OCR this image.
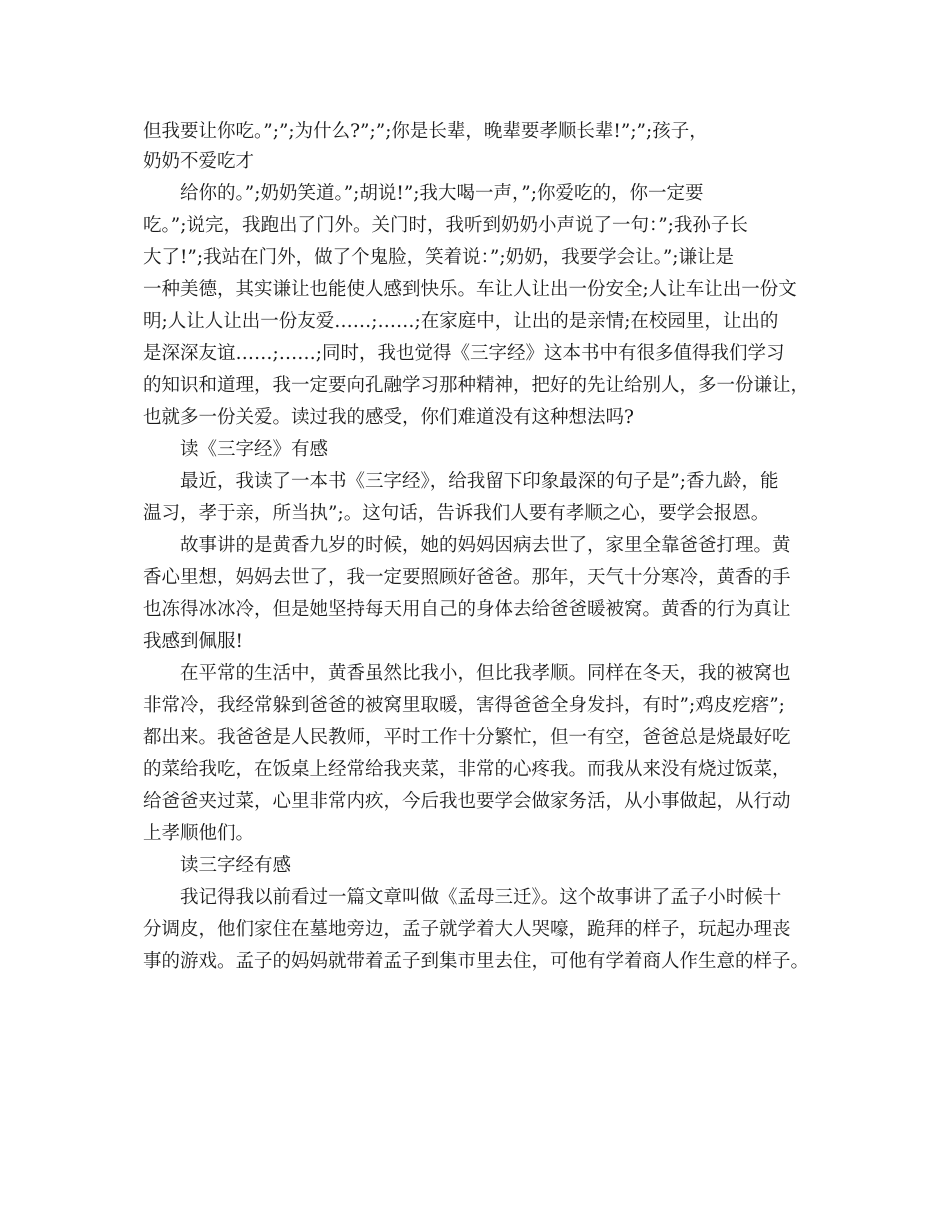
但我要让你吃。”;”;为什么?”;”;你是长辈，晚辈要孝顺长辈!”;”;孩子，
奶奶不爱吃才
给你的。”;奶奶笑道。”;胡说!”;我大喝一声，”;你爱吃的，你一定要
吃。”;说完，我跑出了门外。关门时，我听到奶奶小声说了一句：”;我孙子长
大了!”;我站在门外，做了个鬼脸，笑着说：”;奶奶，我要学会让。”;谦让是
一种美德，其实谦让也能使人感到快乐。车让人让出一份安全;人让车让出一份文
明;人让人让出一份友爱……;……;在家庭中，让出的是亲情;在校园里，让出的
是深深友谊……;……;同时，我也觉得《三字经》这本书中有很多值得我们学习
的知识和道理，我一定要向孔融学习那种精神，把好的先让给别人，多一份谦让，
也就多一份关爱。读过我的感受，你们难道没有这种想法吗?
读《三字经》有感
最近，我读了一本书《三字经》，给我留下印象最深的句子是”;香九龄，能
温习，孝于亲，所当执”;。这句话，告诉我们人要有孝顺之心，要学会报恩。
故事讲的是黄香九岁的时候，她的妈妈因病去世了，家里全靠爸爸打理。黄
香心里想，妈妈去世了，我一定要照顾好爸爸。那年，天气十分寒冷，黄香的手
也冻得冰冰冷，但是她坚持每天用自己的身体去给爸爸暖被窝。黄香的行为真让
我感到佩服!
在平常的生活中，黄香虽然比我小，但比我孝顺。同样在冬天，我的被窝也
非常冷，我经常躲到爸爸的被窝里取暖，害得爸爸全身发抖，有时”;鸡皮疙瘩”;
都出来。我爸爸是人民教师，平时工作十分繁忙，但一有空，爸爸总是烧最好吃
的菜给我吃，在饭桌上经常给我夹菜，非常的心疼我。而我从来没有烧过饭菜，
给爸爸夹过菜，心里非常内疚，今后我也要学会做家务活，从小事做起，从行动
上孝顺他们。
读三字经有感
我记得我以前看过一篇文章叫做《孟母三迁》。这个故事讲了孟子小时候十
分调皮，他们家住在墓地旁边，孟子就学着大人哭嚎，跪拜的样子，玩起办理丧
事的游戏。孟子的妈妈就带着孟子到集市里去住，可他有学着商人作生意的样子。
